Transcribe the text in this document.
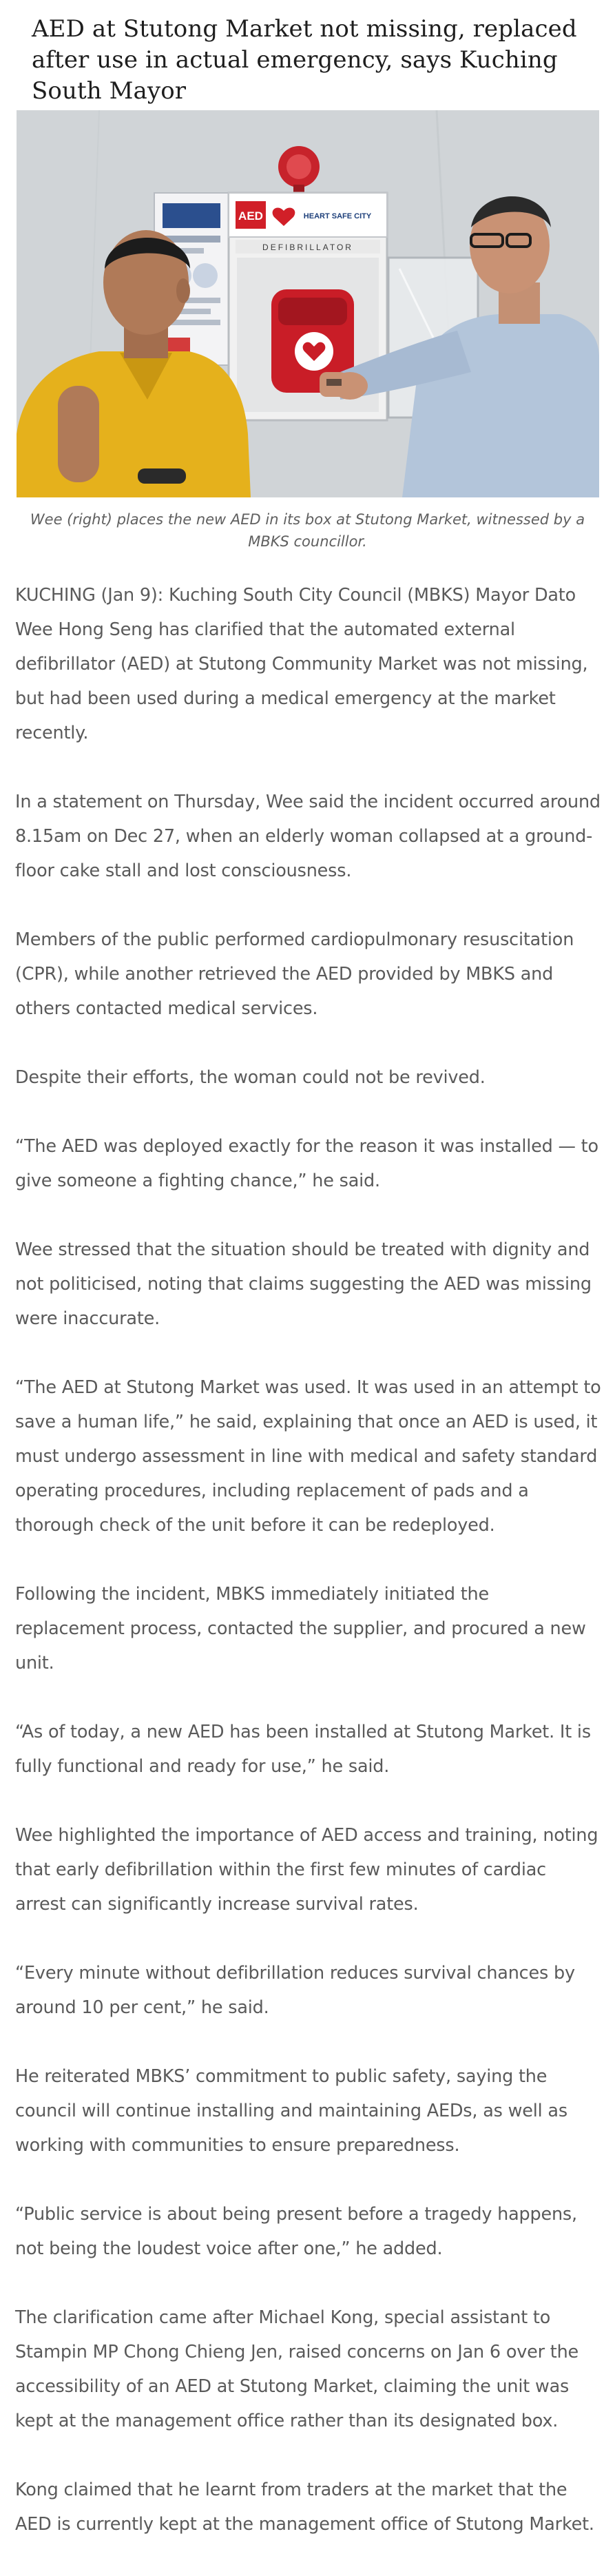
AED at Stutong Market not missing, replaced after use in actual emergency, says Kuching South Mayor
AED	HEART SAFE CITY
DEFIBRILLATOR

Wee (right) places the new AED in its box at Stutong Market, witnessed by a MBKS councillor.

KUCHING (Jan 9): Kuching South City Council (MBKS) Mayor Dato Wee Hong Seng has clarified that the automated external defibrillator (AED) at Stutong Community Market was not missing, but had been used during a medical emergency at the market recently.

In a statement on Thursday, Wee said the incident occurred around 8.15am on Dec 27, when an elderly woman collapsed at a ground-floor cake stall and lost consciousness.

Members of the public performed cardiopulmonary resuscitation (CPR), while another retrieved the AED provided by MBKS and others contacted medical services.

Despite their efforts, the woman could not be revived.

“The AED was deployed exactly for the reason it was installed — to give someone a fighting chance,” he said.

Wee stressed that the situation should be treated with dignity and not politicised, noting that claims suggesting the AED was missing were inaccurate.

“The AED at Stutong Market was used. It was used in an attempt to save a human life,” he said, explaining that once an AED is used, it must undergo assessment in line with medical and safety standard operating procedures, including replacement of pads and a thorough check of the unit before it can be redeployed.

Following the incident, MBKS immediately initiated the replacement process, contacted the supplier, and procured a new unit.

“As of today, a new AED has been installed at Stutong Market. It is fully functional and ready for use,” he said.

Wee highlighted the importance of AED access and training, noting that early defibrillation within the first few minutes of cardiac arrest can significantly increase survival rates.

“Every minute without defibrillation reduces survival chances by around 10 per cent,” he said.

He reiterated MBKS’ commitment to public safety, saying the council will continue installing and maintaining AEDs, as well as working with communities to ensure preparedness.

“Public service is about being present before a tragedy happens, not being the loudest voice after one,” he added.

The clarification came after Michael Kong, special assistant to Stampin MP Chong Chieng Jen, raised concerns on Jan 6 over the accessibility of an AED at Stutong Market, claiming the unit was kept at the management office rather than its designated box.

Kong claimed that he learnt from traders at the market that the AED is currently kept at the management office of Stutong Market.
